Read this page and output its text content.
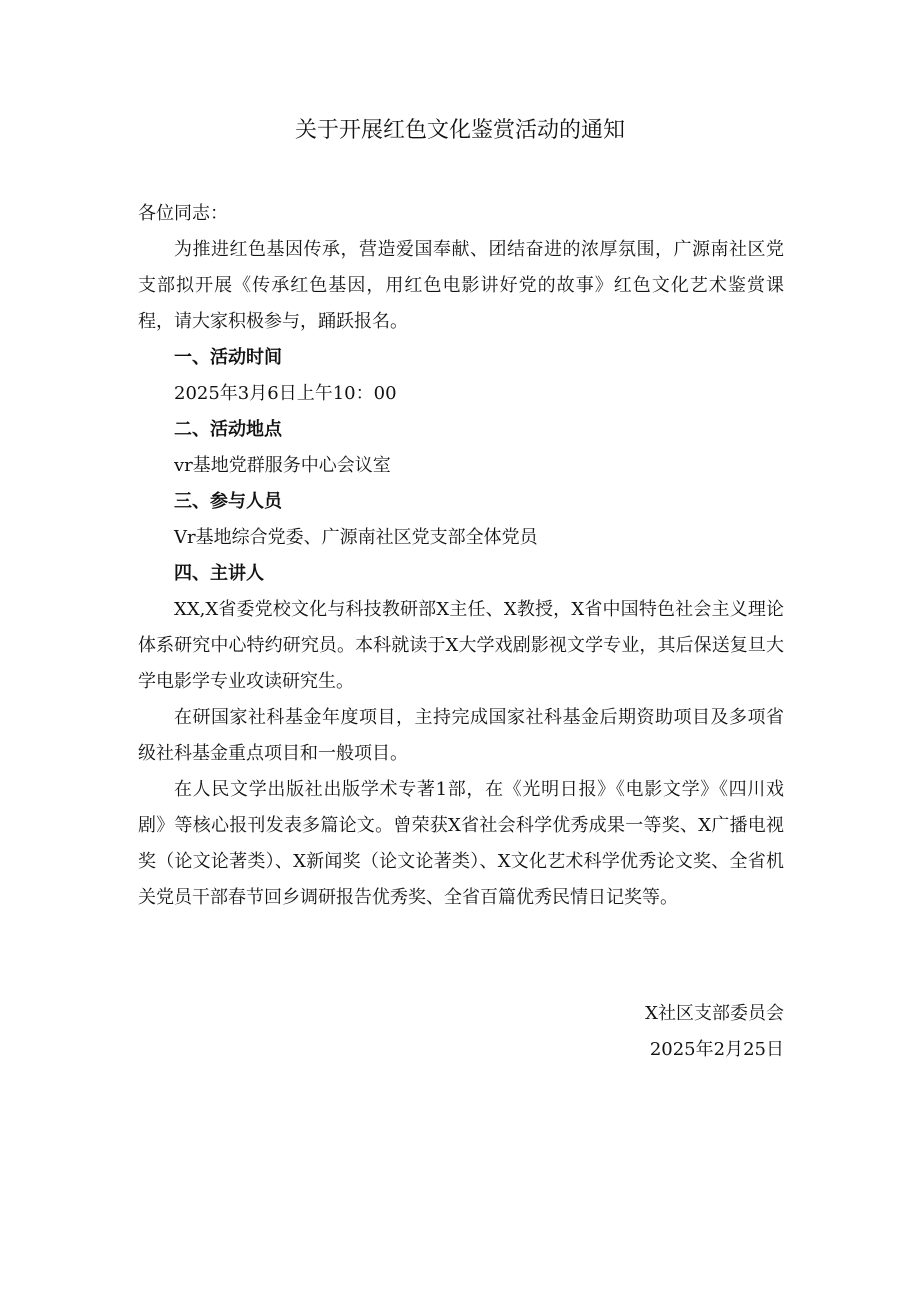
关于开展红色文化鉴赏活动的通知

各位同志：

为推进红色基因传承，营造爱国奉献、团结奋进的浓厚氛围，广源南社区党支部拟开展《传承红色基因，用红色电影讲好党的故事》红色文化艺术鉴赏课程，请大家积极参与，踊跃报名。

一、活动时间

2025年3月6日上午10：00

二、活动地点

vr基地党群服务中心会议室

三、参与人员

Vr基地综合党委、广源南社区党支部全体党员

四、主讲人

XX,X省委党校文化与科技教研部X主任、X教授，X省中国特色社会主义理论体系研究中心特约研究员。本科就读于X大学戏剧影视文学专业，其后保送复旦大学电影学专业攻读研究生。

在研国家社科基金年度项目，主持完成国家社科基金后期资助项目及多项省级社科基金重点项目和一般项目。

在人民文学出版社出版学术专著1部，在《光明日报》《电影文学》《四川戏剧》等核心报刊发表多篇论文。曾荣获X省社会科学优秀成果一等奖、X广播电视奖（论文论著类）、X新闻奖（论文论著类）、X文化艺术科学优秀论文奖、全省机关党员干部春节回乡调研报告优秀奖、全省百篇优秀民情日记奖等。

X社区支部委员会

2025年2月25日
